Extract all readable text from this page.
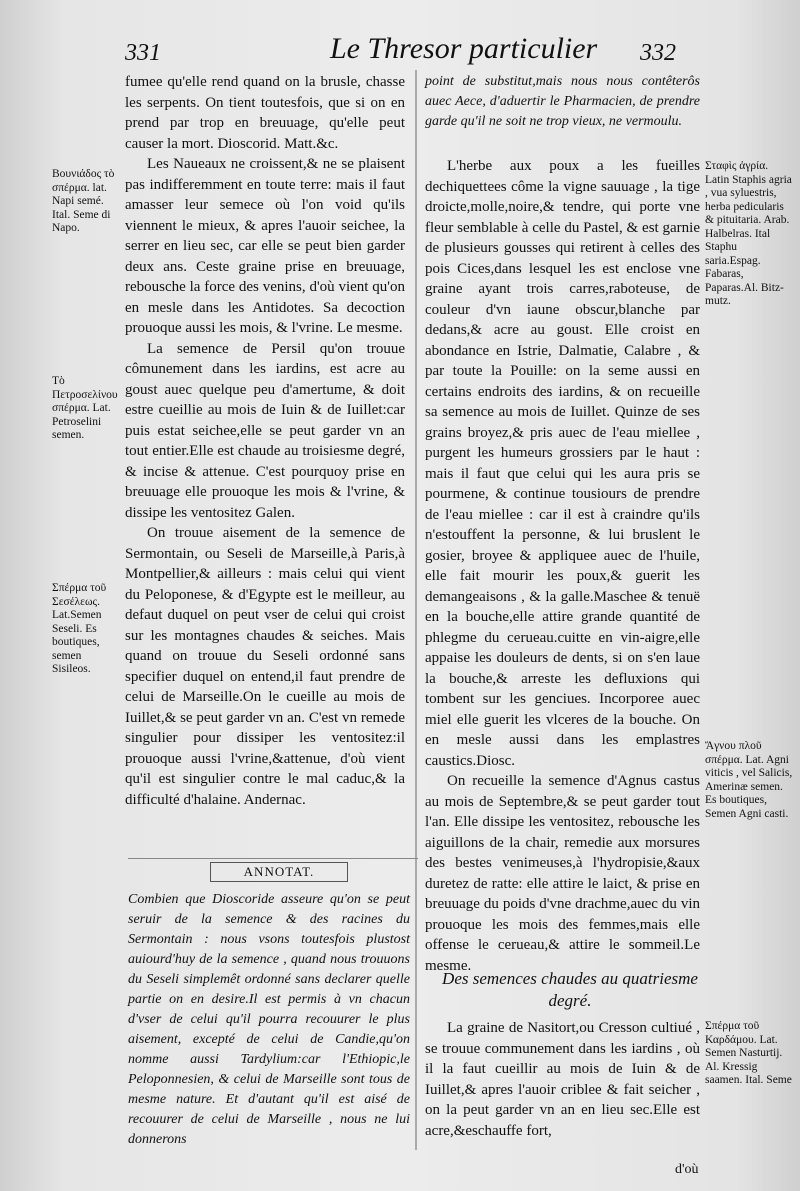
331	Le Thresor particulier 332
Βουνιάδος τὸ σπέρμα. lat. Napi semé. Ital. Seme di Napo.
Τὸ Πετροσελίνου σπέρμα. Lat. Petroselini semen.
Σπέρμα τοῦ Σεσέλεως. Lat.Semen Seseli. Es boutiques, semen Sisileos.

fumee qu'elle rend quand on la brusle, chasse les serpents. On tient toutesfois, que si on en prend par trop en breuuage, qu'elle peut causer la mort. Dioscorid. Matt.&c.

Les Naueaux ne croissent,& ne se plaisent pas indifferemment en toute terre: mais il faut amasser leur semece où l'on void qu'ils viennent le mieux, & apres l'auoir seichee, la serrer en lieu sec, car elle se peut bien garder deux ans. Ceste graine prise en breuuage, rebousche la force des venins, d'où vient qu'on en mesle dans les Antidotes. Sa decoction prouoque aussi les mois, & l'vrine. Le mesme.

La semence de Persil qu'on trouue cômunement dans les iardins, est acre au goust auec quelque peu d'amertume, & doit estre cueillie au mois de Iuin & de Iuillet:car puis estat seichee,elle se peut garder vn an tout entier.Elle est chaude au troisiesme degré, & incise & attenue. C'est pourquoy prise en breuuage elle prouoque les mois & l'vrine, & dissipe les ventositez Galen.

On trouue aisement de la semence de Sermontain, ou Seseli de Marseille,à Paris,à Montpellier,& ailleurs : mais celui qui vient du Peloponese, & d'Egypte est le meilleur, au defaut duquel on peut vser de celui qui croist sur les montagnes chaudes & seiches. Mais quand on trouue du Seseli ordonné sans specifier duquel on entend,il faut prendre de celui de Marseille.On le cueille au mois de Iuillet,& se peut garder vn an. C'est vn remede singulier pour dissiper les ventositez:il prouoque aussi l'vrine,&attenue, d'où vient qu'il est singulier contre le mal caduc,& la difficulté d'halaine. Andernac.

ANNOTAT.
Combien que Dioscoride asseure qu'on se peut seruir de la semence & des racines du Sermontain : nous vsons toutesfois plustost auiourd'huy de la semence , quand nous trouuons du Seseli simplemêt ordonné sans declarer quelle partie on en desire.Il est permis à vn chacun d'vser de celui qu'il pourra recouurer le plus aisement, excepté de celui de Candie,qu'on nomme aussi Tardylium:car l'Ethiopic,le Peloponnesien, & celui de Marseille sont tous de mesme nature. Et d'autant qu'il est aisé de recouurer de celui de Marseille , nous ne lui donnerons
point de substitut,mais nous nous contêterôs auec Aece, d'aduertir le Pharmacien, de prendre garde qu'il ne soit ne trop vieux, ne vermoulu.

L'herbe aux poux a les fueilles dechiquettees côme la vigne sauuage , la tige droicte,molle,noire,& tendre, qui porte vne fleur semblable à celle du Pastel, & est garnie de plusieurs gousses qui retirent à celles des pois Cices,dans lesquel les est enclose vne graine ayant trois carres,raboteuse, de couleur d'vn iaune obscur,blanche par dedans,& acre au goust. Elle croist en abondance en Istrie, Dalmatie, Calabre , & par toute la Pouille: on la seme aussi en certains endroits des iardins, & on recueille sa semence au mois de Iuillet. Quinze de ses grains broyez,& pris auec de l'eau miellee , purgent les humeurs grossiers par le haut : mais il faut que celui qui les aura pris se pourmene, & continue tousiours de prendre de l'eau miellee : car il est à craindre qu'ils n'estouffent la personne, & lui bruslent le gosier, broyee & appliquee auec de l'huile, elle fait mourir les poux,& guerit les demangeaisons , & la galle.Maschee & tenuë en la bouche,elle attire grande quantité de phlegme du cerueau.cuitte en vin-aigre,elle appaise les douleurs de dents, si on s'en laue la bouche,& arreste les defluxions qui tombent sur les genciues. Incorporee auec miel elle guerit les vlceres de la bouche. On en mesle aussi dans les emplastres caustics.Diosc.

On recueille la semence d'Agnus castus au mois de Septembre,& se peut garder tout l'an. Elle dissipe les ventositez, rebousche les aiguillons de la chair, remedie aux morsures des bestes venimeuses,à l'hydropisie,&aux duretez de ratte: elle attire le laict, & prise en breuuage du poids d'vne drachme,auec du vin prouoque les mois des femmes,mais elle offense le cerueau,& attire le sommeil.Le mesme.

Des semences chaudes au quatriesme degré.
La graine de Nasitort,ou Cresson cultiué , se trouue communement dans les iardins , où il la faut cueillir au mois de Iuin & de Iuillet,& apres l'auoir criblee & fait seicher , on la peut garder vn an en lieu sec.Elle est acre,&eschauffe fort,
d'où
Σταφὶς ἀγρία. Latin Staphis agria , vua syluestris, herba pedicularis & pituitaria. Arab. Halbelras. Ital Staphu saria.Espag. Fabaras, Paparas.Al. Bitz-mutz.
Ἄγνου πλοῦ σπέρμα. Lat. Agni viticis , vel Salicis, Amerinæ semen. Es boutiques, Semen Agni casti.
Σπέρμα τοῦ Καρδάμου. Lat. Semen Nasturtij. Al. Kressig saamen. Ital. Seme
